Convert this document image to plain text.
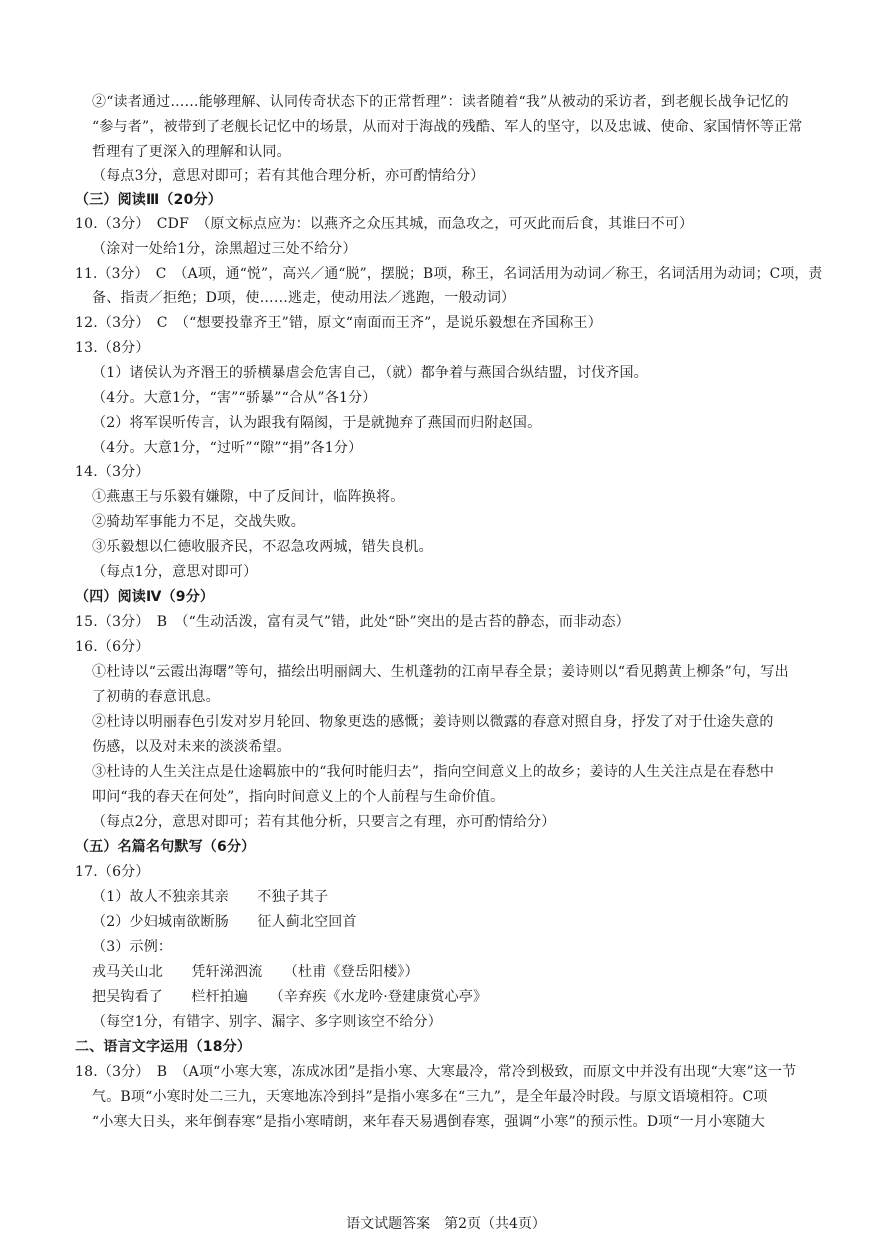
②“读者通过……能够理解、认同传奇状态下的正常哲理”：读者随着“我”从被动的采访者，到老舰长战争记忆的
“参与者”，被带到了老舰长记忆中的场景，从而对于海战的残酷、军人的坚守，以及忠诚、使命、家国情怀等正常
哲理有了更深入的理解和认同。
（每点3分，意思对即可；若有其他合理分析，亦可酌情给分）
（三）阅读Ⅲ（20分）
10.（3分）　CDF　（原文标点应为：以燕齐之众压其城，而急攻之，可灭此而后食，其谁曰不可）
（涂对一处给1分，涂黑超过三处不给分）
11.（3分）　C　（A项，通“悦”，高兴／通“脱”，摆脱；B项，称王，名词活用为动词／称王，名词活用为动词；C项，责
备、指责／拒绝；D项，使……逃走，使动用法／逃跑，一般动词）
12.（3分）　C　（“想要投靠齐王”错，原文“南面而王齐”，是说乐毅想在齐国称王）
13.（8分）
（1）诸侯认为齐湣王的骄横暴虐会危害自己，（就）都争着与燕国合纵结盟，讨伐齐国。
（4分。大意1分，“害”“骄暴”“合从”各1分）
（2）将军误听传言，认为跟我有隔阂，于是就抛弃了燕国而归附赵国。
（4分。大意1分，“过听”“隙”“捐”各1分）
14.（3分）
①燕惠王与乐毅有嫌隙，中了反间计，临阵换将。
②骑劫军事能力不足，交战失败。
③乐毅想以仁德收服齐民，不忍急攻两城，错失良机。
（每点1分，意思对即可）
（四）阅读Ⅳ（9分）
15.（3分）　B　（“生动活泼，富有灵气”错，此处“卧”突出的是古苔的静态，而非动态）
16.（6分）
①杜诗以“云霞出海曙”等句，描绘出明丽阔大、生机蓬勃的江南早春全景；姜诗则以“看见鹅黄上柳条”句，写出
了初萌的春意讯息。
②杜诗以明丽春色引发对岁月轮回、物象更迭的感慨；姜诗则以微露的春意对照自身，抒发了对于仕途失意的
伤感，以及对未来的淡淡希望。
③杜诗的人生关注点是仕途羁旅中的“我何时能归去”，指向空间意义上的故乡；姜诗的人生关注点是在春愁中
叩问“我的春天在何处”，指向时间意义上的个人前程与生命价值。
（每点2分，意思对即可；若有其他分析，只要言之有理，亦可酌情给分）
（五）名篇名句默写（6分）
17.（6分）
（1）故人不独亲其亲　　不独子其子
（2）少妇城南欲断肠　　征人蓟北空回首
（3）示例：
戎马关山北　　凭轩涕泗流　　（杜甫《登岳阳楼》）
把吴钩看了　　栏杆拍遍　　（辛弃疾《水龙吟·登建康赏心亭》
（每空1分，有错字、别字、漏字、多字则该空不给分）
二、语言文字运用（18分）
18.（3分）　B　（A项“小寒大寒，冻成冰团”是指小寒、大寒最冷，常冷到极致，而原文中并没有出现“大寒”这一节
气。B项“小寒时处二三九，天寒地冻冷到抖”是指小寒多在“三九”，是全年最冷时段。与原文语境相符。C项
“小寒大日头，来年倒春寒”是指小寒晴朗，来年春天易遇倒春寒，强调“小寒”的预示性。D项“一月小寒随大
语文试题答案　第2页（共4页）
